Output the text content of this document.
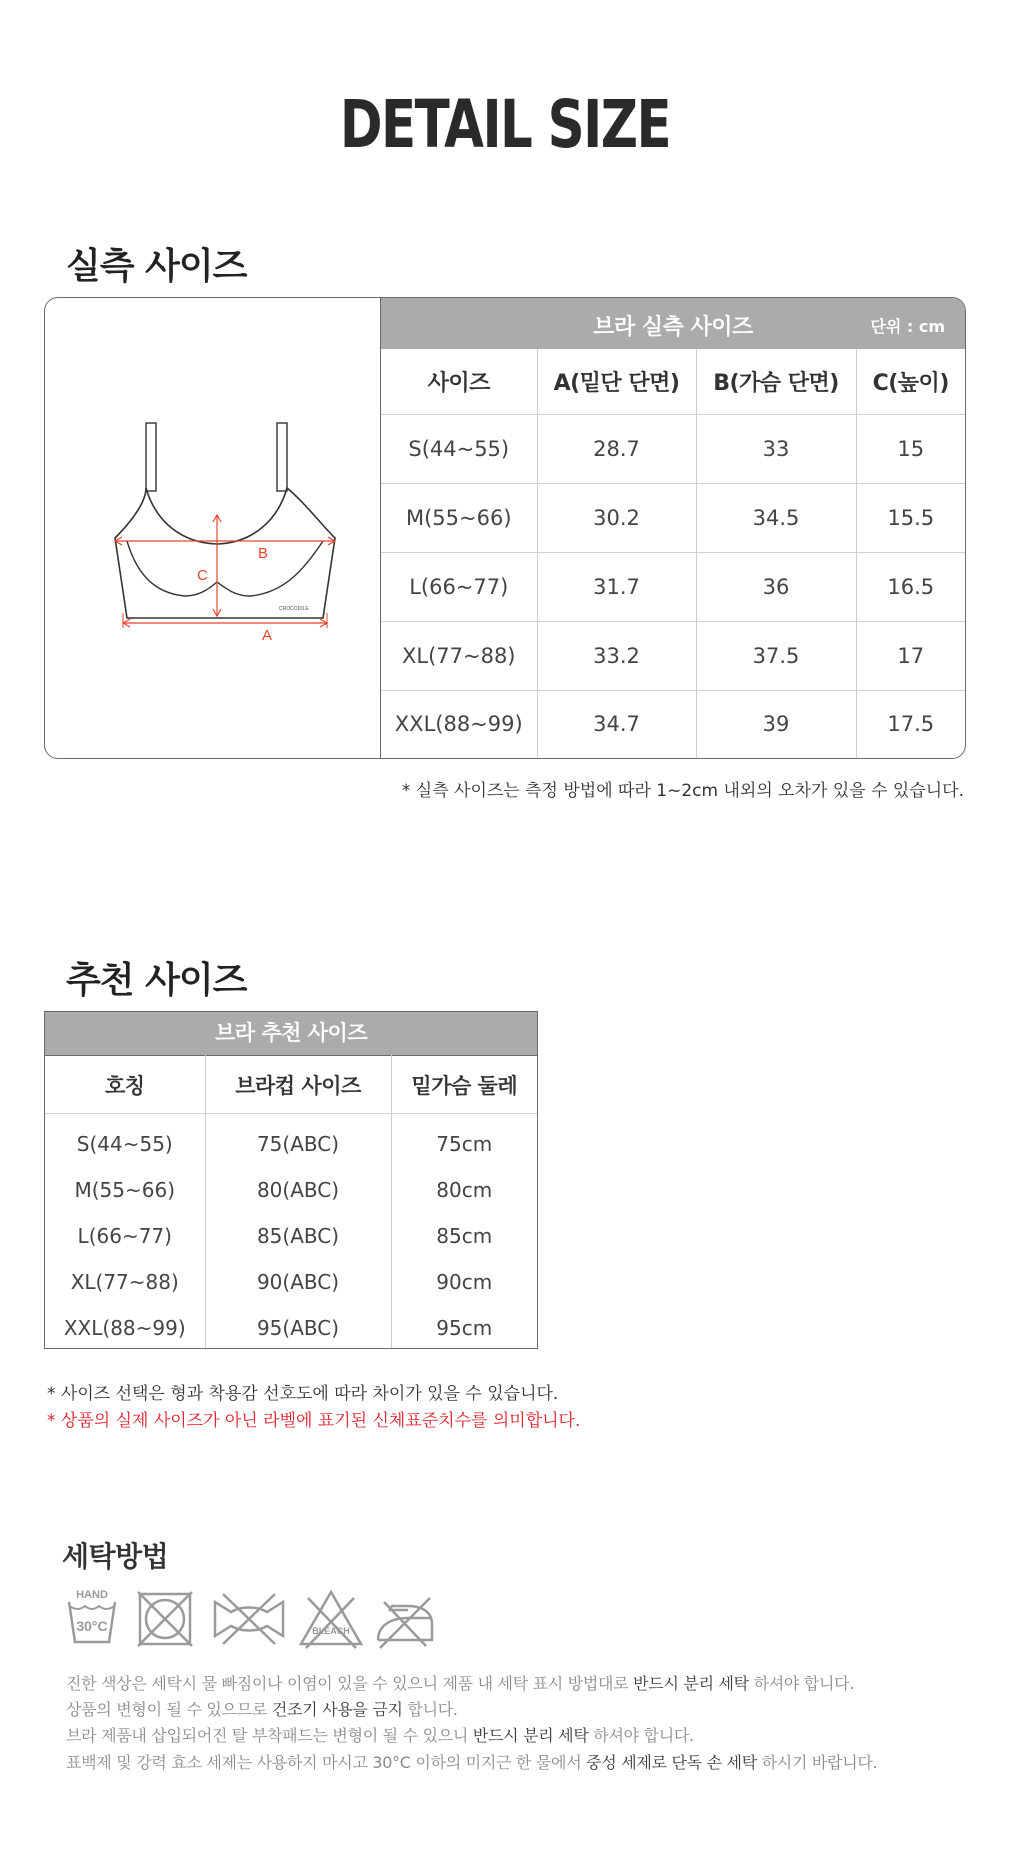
DETAIL SIZE
실측 사이즈
B
C
A
CROCODILE
브라 실측 사이즈	단위 : cm
사이즈	A(밑단 단면)	B(가슴 단면)	C(높이)
S(44~55)	28.7	33	15
M(55~66)	30.2	34.5	15.5
L(66~77)	31.7	36	16.5
XL(77~88)	33.2	37.5	17
XXL(88~99)	34.7	39	17.5
* 실측 사이즈는 측정 방법에 따라 1~2cm 내외의 오차가 있을 수 있습니다.
추천 사이즈
브라 추천 사이즈
호칭	브라컵 사이즈	밑가슴 둘레
S(44~55)	75(ABC)	75cm
M(55~66)	80(ABC)	80cm
L(66~77)	85(ABC)	85cm
XL(77~88)	90(ABC)	90cm
XXL(88~99)	95(ABC)	95cm
* 사이즈 선택은 형과 착용감 선호도에 따라 차이가 있을 수 있습니다.
* 상품의 실제 사이즈가 아닌 라벨에 표기된 신체표준치수를 의미합니다.
세탁방법
HAND
30°C	BLEACH
진한 색상은 세탁시 물 빠짐이나 이염이 있을 수 있으니 제품 내 세탁 표시 방법대로 반드시 분리 세탁 하셔야 합니다.
상품의 변형이 될 수 있으므로 건조기 사용을 금지 합니다.
브라 제품내 삽입되어진 탈 부착패드는 변형이 될 수 있으니 반드시 분리 세탁 하셔야 합니다.
표백제 및 강력 효소 세제는 사용하지 마시고 30°C 이하의 미지근 한 물에서 중성 세제로 단독 손 세탁 하시기 바랍니다.
